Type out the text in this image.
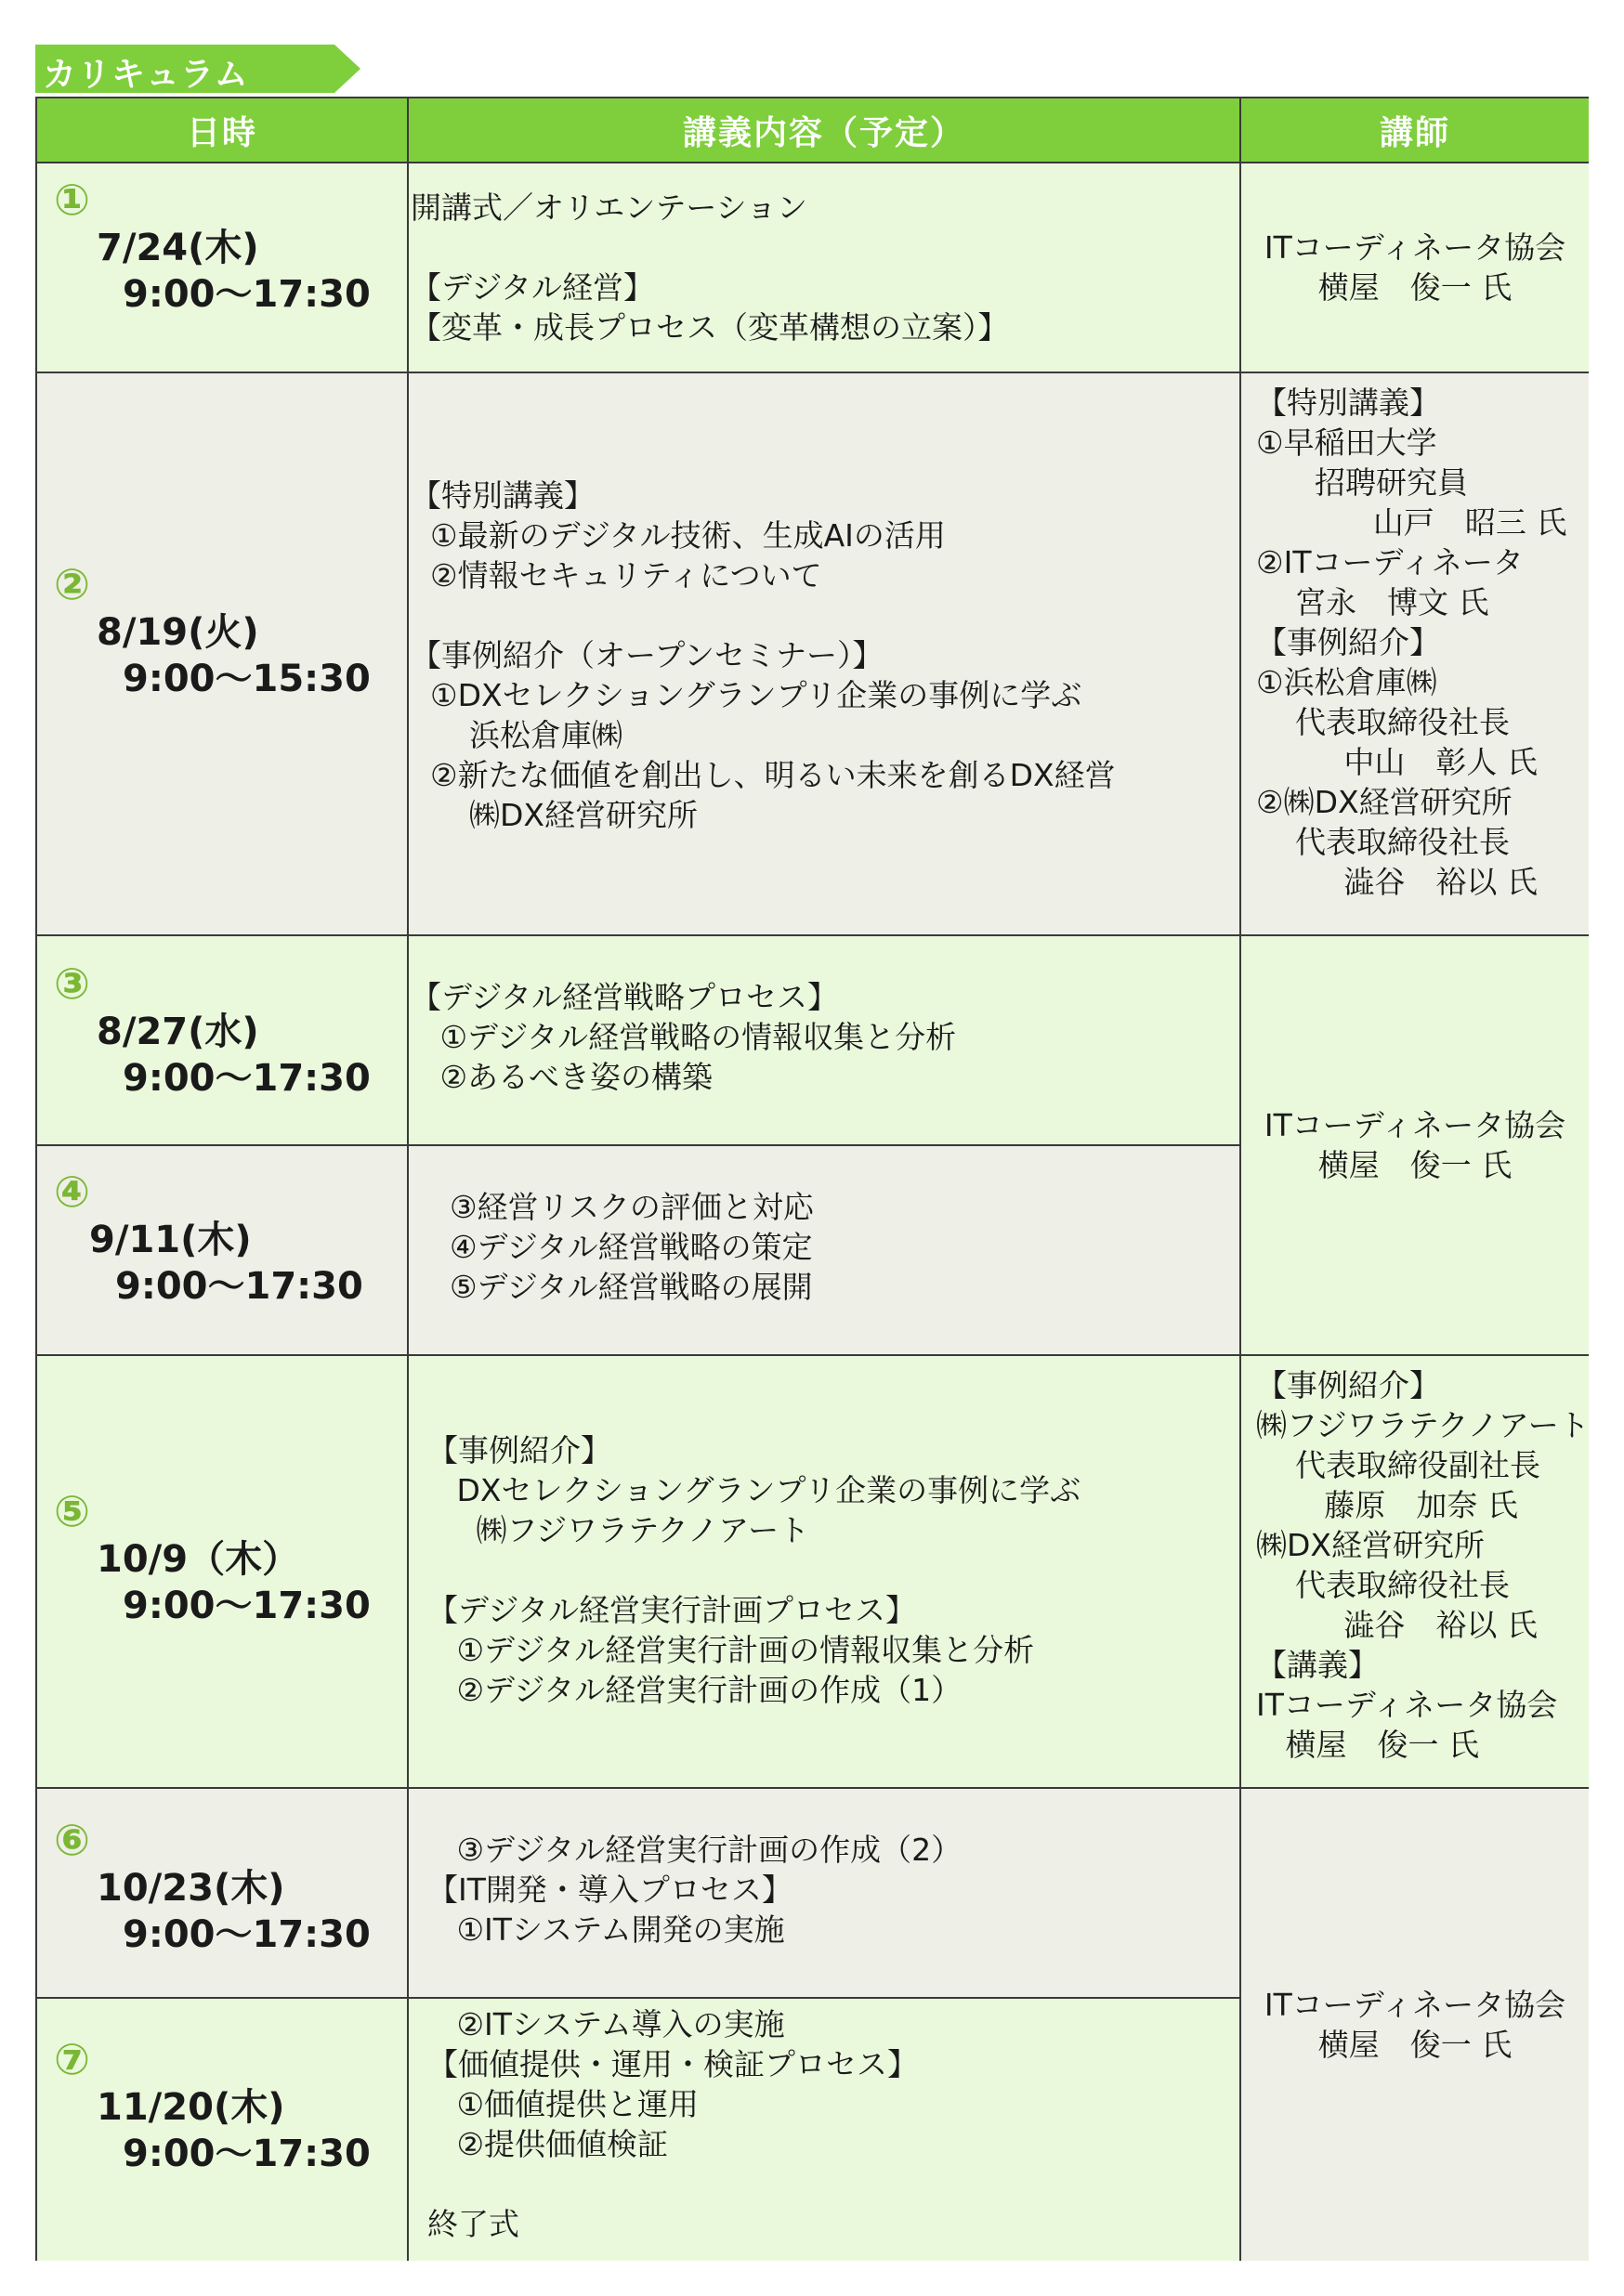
カリキュラム
日時	講義内容（予定）	講師
①
7/24(木)
9:00～17:30
開講式／オリエンテーション
【デジタル経営】
【変革・成長プロセス（変革構想の立案）】
ITコーディネータ協会
横屋　俊一 氏
②
8/19(火)
9:00～15:30
【特別講義】
①最新のデジタル技術、生成AIの活用
②情報セキュリティについて
【事例紹介（オープンセミナー）】
①DXセレクショングランプリ企業の事例に学ぶ
浜松倉庫㈱
②新たな価値を創出し、明るい未来を創るDX経営
㈱DX経営研究所
【特別講義】
①早稲田大学
招聘研究員
山戸　昭三 氏
②ITコーディネータ
宮永　博文 氏
【事例紹介】
①浜松倉庫㈱
代表取締役社長
中山　彰人 氏
②㈱DX経営研究所
代表取締役社長
澁谷　裕以 氏
③
8/27(水)
9:00～17:30
【デジタル経営戦略プロセス】
①デジタル経営戦略の情報収集と分析
②あるべき姿の構築
④
9/11(木)
9:00～17:30
③経営リスクの評価と対応
④デジタル経営戦略の策定
⑤デジタル経営戦略の展開
ITコーディネータ協会
横屋　俊一 氏
⑤
10/9（木）
9:00～17:30
【事例紹介】
DXセレクショングランプリ企業の事例に学ぶ
㈱フジワラテクノアート
【デジタル経営実行計画プロセス】
①デジタル経営実行計画の情報収集と分析
②デジタル経営実行計画の作成（1）
【事例紹介】
㈱フジワラテクノアート
代表取締役副社長
藤原　加奈 氏
㈱DX経営研究所
代表取締役社長
澁谷　裕以 氏
【講義】
ITコーディネータ協会
横屋　俊一 氏
⑥
10/23(木)
9:00～17:30
③デジタル経営実行計画の作成（2）
【IT開発・導入プロセス】
①ITシステム開発の実施
⑦
11/20(木)
9:00～17:30
②ITシステム導入の実施
【価値提供・運用・検証プロセス】
①価値提供と運用
②提供価値検証
終了式
ITコーディネータ協会
横屋　俊一 氏
